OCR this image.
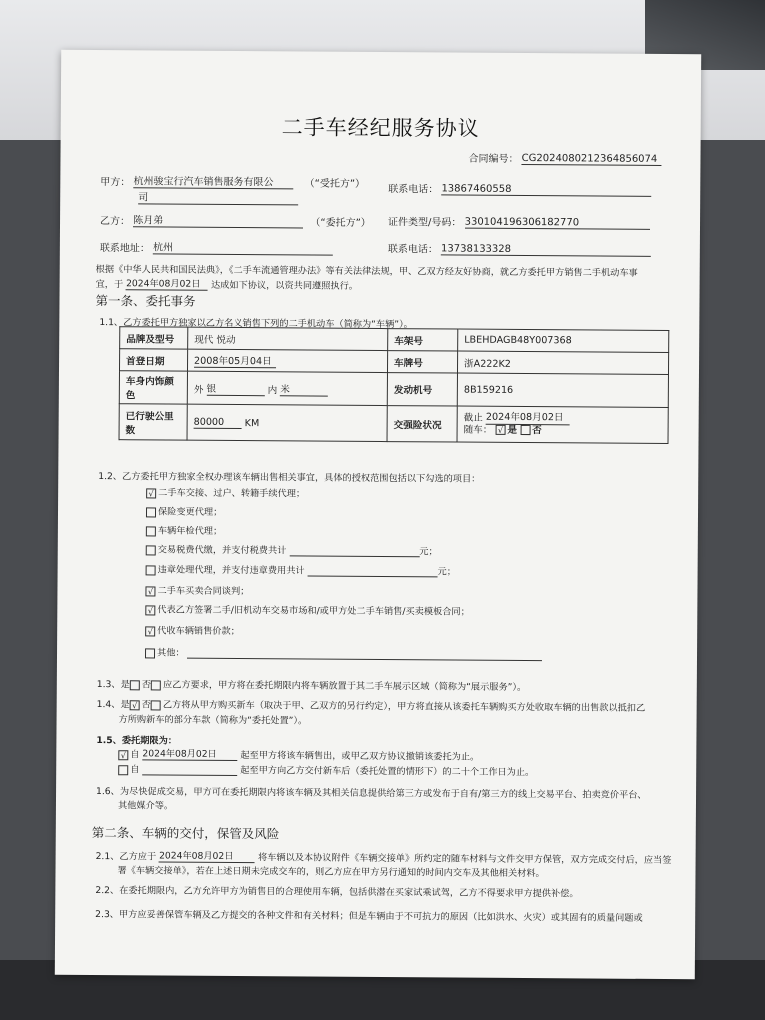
二手车经纪服务协议
合同编号： CG2024080212364856074
甲方： 杭州骏宝行汽车销售服务有限公	（“受托方”）
司
联系电话： 13867460558
乙方： 陈月弟	（“委托方”） 证件类型/号码： 330104196306182770
联系地址： 杭州	联系电话： 13738133328
根据《中华人民共和国民法典》，《二手车流通管理办法》等有关法律法规，甲、乙双方经友好协商，就乙方委托甲方销售二手机动车事
宜，于 2024年08月02日 达成如下协议，以资共同遵照执行。
第一条、委托事务
1.1、乙方委托甲方独家以乙方名义销售下列的二手机动车（简称为“车辆”）。
品牌及型号	现代 悦动	车架号	LBEHDAGB48Y007368
首登日期	2008年05月04日	车牌号	浙A222K2
车身内饰颜色	外 银 内 米	发动机号	8B159216
已行驶公里数	80000 KM	交强险状况	截止 2024年08月02日
随车： √ 是 否
1.2、乙方委托甲方独家全权办理该车辆出售相关事宜，具体的授权范围包括以下勾选的项目：
√ 二手车交接、过户、转籍手续代理；
保险变更代理；
车辆年检代理；
交易税费代缴，并支付税费共计	元；
违章处理代理，并支付违章费用共计	元；
√ 二手车买卖合同谈判；
√ 代表乙方签署二手/旧机动车交易市场和/或甲方处二手车销售/买卖模板合同；
√ 代收车辆销售价款；
其他：
1.3、是 否 应乙方要求，甲方将在委托期限内将车辆放置于其二手车展示区域（简称为“展示服务”）。
1.4、是 √ 否 乙方将从甲方购买新车（取决于甲、乙双方的另行约定），甲方将直接从该委托车辆购买方处收取车辆的出售款以抵扣乙
方所购新车的部分车款（简称为“委托处置”）。
1.5、委托期限为：
√ 自 2024年08月02日	起至甲方将该车辆售出，或甲乙双方协议撤销该委托为止。
自	起至甲方向乙方交付新车后（委托处置的情形下）的二十个工作日为止。
1.6、为尽快促成交易，甲方可在委托期限内将该车辆及其相关信息提供给第三方或发布于自有/第三方的线上交易平台、拍卖竞价平台、
其他媒介等。
第二条、车辆的交付，保管及风险
2.1、乙方应于 2024年08月02日	将车辆以及本协议附件《车辆交接单》所约定的随车材料与文件交甲方保管，双方完成交付后，应当签
署《车辆交接单》，若在上述日期未完成交车的，则乙方应在甲方另行通知的时间内交车及其他相关材料。
2.2、在委托期限内，乙方允许甲方为销售目的合理使用车辆，包括供潜在买家试乘试驾，乙方不得要求甲方提供补偿。
2.3、甲方应妥善保管车辆及乙方提交的各种文件和有关材料；但是车辆由于不可抗力的原因（比如洪水、火灾）或其固有的质量问题或
